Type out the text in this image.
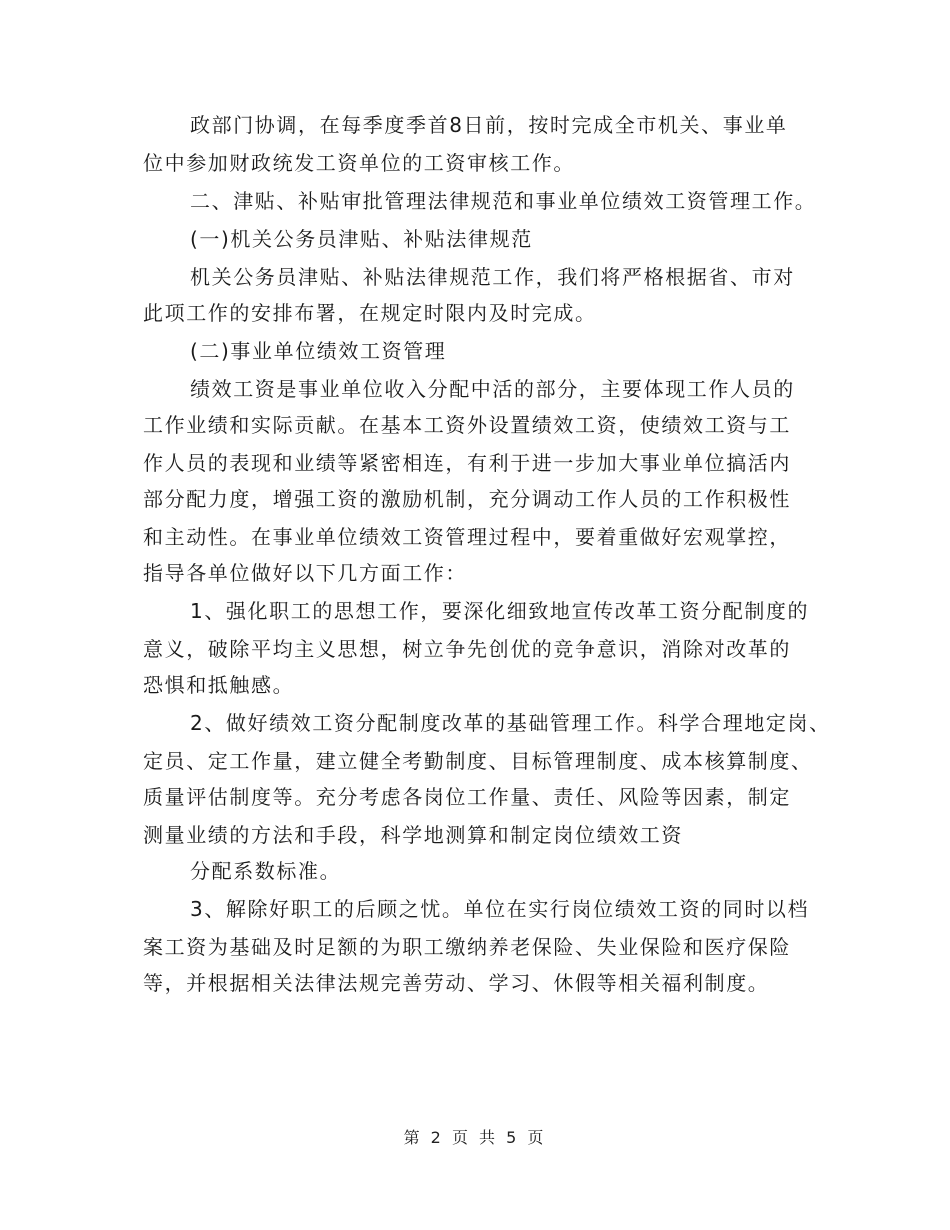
政部门协调，在每季度季首8日前，按时完成全市机关、事业单
位中参加财政统发工资单位的工资审核工作。
二、津贴、补贴审批管理法律规范和事业单位绩效工资管理工作。
(一)机关公务员津贴、补贴法律规范
机关公务员津贴、补贴法律规范工作，我们将严格根据省、市对
此项工作的安排布署，在规定时限内及时完成。
(二)事业单位绩效工资管理
绩效工资是事业单位收入分配中活的部分，主要体现工作人员的
工作业绩和实际贡献。在基本工资外设置绩效工资，使绩效工资与工
作人员的表现和业绩等紧密相连，有利于进一步加大事业单位搞活内
部分配力度，增强工资的激励机制，充分调动工作人员的工作积极性
和主动性。在事业单位绩效工资管理过程中，要着重做好宏观掌控，
指导各单位做好以下几方面工作：
1、强化职工的思想工作，要深化细致地宣传改革工资分配制度的
意义，破除平均主义思想，树立争先创优的竞争意识，消除对改革的
恐惧和抵触感。
2、做好绩效工资分配制度改革的基础管理工作。科学合理地定岗、
定员、定工作量，建立健全考勤制度、目标管理制度、成本核算制度、
质量评估制度等。充分考虑各岗位工作量、责任、风险等因素，制定
测量业绩的方法和手段，科学地测算和制定岗位绩效工资
分配系数标准。
3、解除好职工的后顾之忧。单位在实行岗位绩效工资的同时以档
案工资为基础及时足额的为职工缴纳养老保险、失业保险和医疗保险
等，并根据相关法律法规完善劳动、学习、休假等相关福利制度。
第 2 页 共 5 页
